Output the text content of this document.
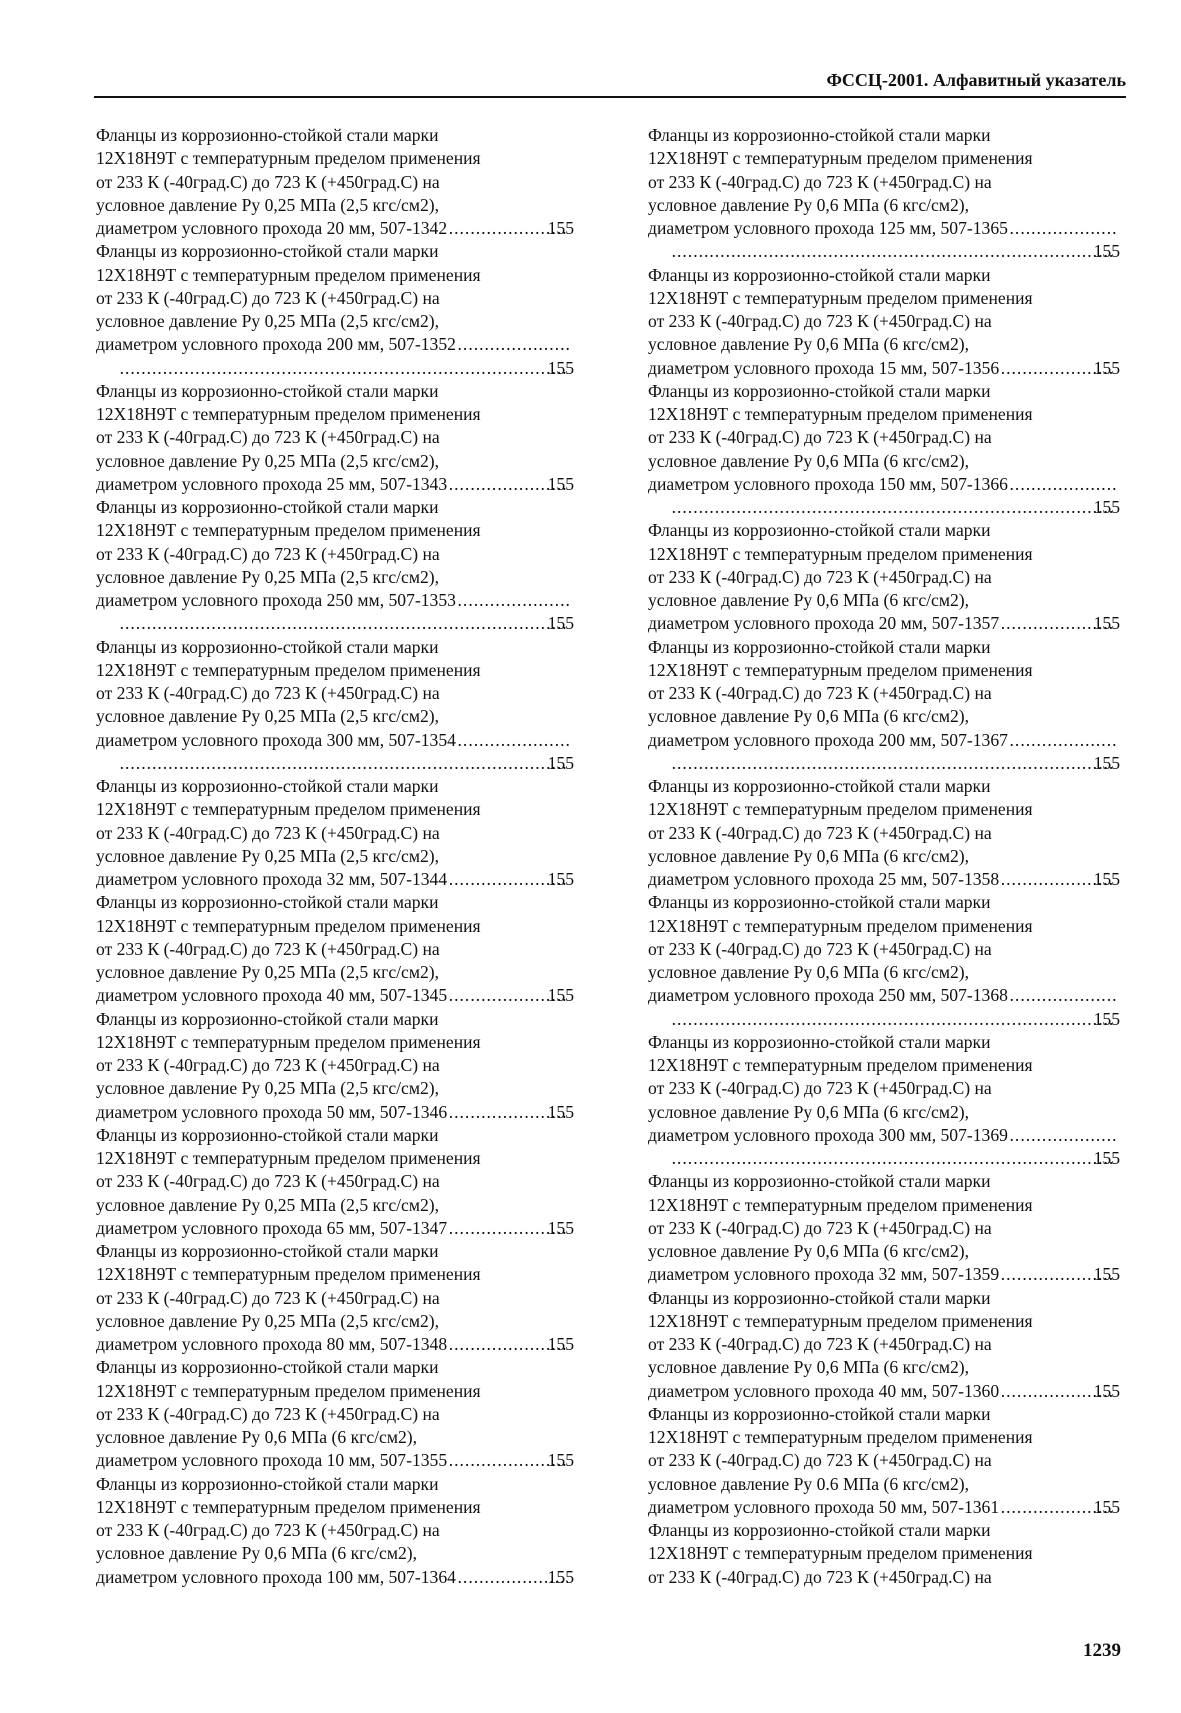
ФССЦ-2001. Алфавитный указатель

Фланцы из коррозионно-стойкой стали марки
12Х18Н9Т с температурным пределом применения
от 233 К (-40град.С) до 723 К (+450град.С) на
условное давление Ру 0,25 МПа (2,5 кгс/см2),
диаметром условного прохода 20 мм, 507-1342 .....	155

Фланцы из коррозионно-стойкой стали марки
12Х18Н9Т с температурным пределом применения
от 233 К (-40град.С) до 723 К (+450град.С) на
условное давление Ру 0,25 МПа (2,5 кгс/см2),
диаметром условного прохода 200 мм, 507-1352
.....
.....
155

Фланцы из коррозионно-стойкой стали марки
12Х18Н9Т с температурным пределом применения
от 233 К (-40град.С) до 723 К (+450град.С) на
условное давление Ру 0,25 МПа (2,5 кгс/см2),
диаметром условного прохода 25 мм, 507-1343 .....	155

Фланцы из коррозионно-стойкой стали марки
12Х18Н9Т с температурным пределом применения
от 233 К (-40град.С) до 723 К (+450град.С) на
условное давление Ру 0,25 МПа (2,5 кгс/см2),
диаметром условного прохода 250 мм, 507-1353
.....
.....
155

Фланцы из коррозионно-стойкой стали марки
12Х18Н9Т с температурным пределом применения
от 233 К (-40град.С) до 723 К (+450град.С) на
условное давление Ру 0,25 МПа (2,5 кгс/см2),
диаметром условного прохода 300 мм, 507-1354
.....
.....
155

Фланцы из коррозионно-стойкой стали марки
12Х18Н9Т с температурным пределом применения
от 233 К (-40град.С) до 723 К (+450град.С) на
условное давление Ру 0,25 МПа (2,5 кгс/см2),
диаметром условного прохода 32 мм, 507-1344 .....	155

Фланцы из коррозионно-стойкой стали марки
12Х18Н9Т с температурным пределом применения
от 233 К (-40град.С) до 723 К (+450град.С) на
условное давление Ру 0,25 МПа (2,5 кгс/см2),
диаметром условного прохода 40 мм, 507-1345 .....	155

Фланцы из коррозионно-стойкой стали марки
12Х18Н9Т с температурным пределом применения
от 233 К (-40град.С) до 723 К (+450град.С) на
условное давление Ру 0,25 МПа (2,5 кгс/см2),
диаметром условного прохода 50 мм, 507-1346 .....	155

Фланцы из коррозионно-стойкой стали марки
12Х18Н9Т с температурным пределом применения
от 233 К (-40град.С) до 723 К (+450град.С) на
условное давление Ру 0,25 МПа (2,5 кгс/см2),
диаметром условного прохода 65 мм, 507-1347 .....	155

Фланцы из коррозионно-стойкой стали марки
12Х18Н9Т с температурным пределом применения
от 233 К (-40град.С) до 723 К (+450град.С) на
условное давление Ру 0,25 МПа (2,5 кгс/см2),
диаметром условного прохода 80 мм, 507-1348 .....	155

Фланцы из коррозионно-стойкой стали марки
12Х18Н9Т с температурным пределом применения
от 233 К (-40град.С) до 723 К (+450град.С) на
условное давление Ру 0,6 МПа (6 кгс/см2),
диаметром условного прохода 10 мм, 507-1355 .....	155

Фланцы из коррозионно-стойкой стали марки
12Х18Н9Т с температурным пределом применения
от 233 К (-40град.С) до 723 К (+450град.С) на
условное давление Ру 0,6 МПа (6 кгс/см2),
диаметром условного прохода 100 мм, 507-1364 .....	155

Фланцы из коррозионно-стойкой стали марки
12Х18Н9Т с температурным пределом применения
от 233 К (-40град.С) до 723 К (+450град.С) на
условное давление Ру 0,6 МПа (6 кгс/см2),
диаметром условного прохода 125 мм, 507-1365
.....
.....
155

Фланцы из коррозионно-стойкой стали марки
12Х18Н9Т с температурным пределом применения
от 233 К (-40град.С) до 723 К (+450град.С) на
условное давление Ру 0,6 МПа (6 кгс/см2),
диаметром условного прохода 15 мм, 507-1356 .....	155

Фланцы из коррозионно-стойкой стали марки
12Х18Н9Т с температурным пределом применения
от 233 К (-40град.С) до 723 К (+450град.С) на
условное давление Ру 0,6 МПа (6 кгс/см2),
диаметром условного прохода 150 мм, 507-1366
.....
.....
155

Фланцы из коррозионно-стойкой стали марки
12Х18Н9Т с температурным пределом применения
от 233 К (-40град.С) до 723 К (+450град.С) на
условное давление Ру 0,6 МПа (6 кгс/см2),
диаметром условного прохода 20 мм, 507-1357 .....	155

Фланцы из коррозионно-стойкой стали марки
12Х18Н9Т с температурным пределом применения
от 233 К (-40град.С) до 723 К (+450град.С) на
условное давление Ру 0,6 МПа (6 кгс/см2),
диаметром условного прохода 200 мм, 507-1367
.....
.....
155

Фланцы из коррозионно-стойкой стали марки
12Х18Н9Т с температурным пределом применения
от 233 К (-40град.С) до 723 К (+450град.С) на
условное давление Ру 0,6 МПа (6 кгс/см2),
диаметром условного прохода 25 мм, 507-1358 .....	155

Фланцы из коррозионно-стойкой стали марки
12Х18Н9Т с температурным пределом применения
от 233 К (-40град.С) до 723 К (+450град.С) на
условное давление Ру 0,6 МПа (6 кгс/см2),
диаметром условного прохода 250 мм, 507-1368
.....
.....
155

Фланцы из коррозионно-стойкой стали марки
12Х18Н9Т с температурным пределом применения
от 233 К (-40град.С) до 723 К (+450град.С) на
условное давление Ру 0,6 МПа (6 кгс/см2),
диаметром условного прохода 300 мм, 507-1369
.....
.....
155

Фланцы из коррозионно-стойкой стали марки
12Х18Н9Т с температурным пределом применения
от 233 К (-40град.С) до 723 К (+450град.С) на
условное давление Ру 0,6 МПа (6 кгс/см2),
диаметром условного прохода 32 мм, 507-1359 .....	155

Фланцы из коррозионно-стойкой стали марки
12Х18Н9Т с температурным пределом применения
от 233 К (-40град.С) до 723 К (+450град.С) на
условное давление Ру 0,6 МПа (6 кгс/см2),
диаметром условного прохода 40 мм, 507-1360 .....	155

Фланцы из коррозионно-стойкой стали марки
12Х18Н9Т с температурным пределом применения
от 233 К (-40град.С) до 723 К (+450град.С) на
условное давление Ру 0.6 МПа (6 кгс/см2),
диаметром условного прохода 50 мм, 507-1361 .....	155

Фланцы из коррозионно-стойкой стали марки
12Х18Н9Т с температурным пределом применения
от 233 К (-40град.С) до 723 К (+450град.С) на

1239
